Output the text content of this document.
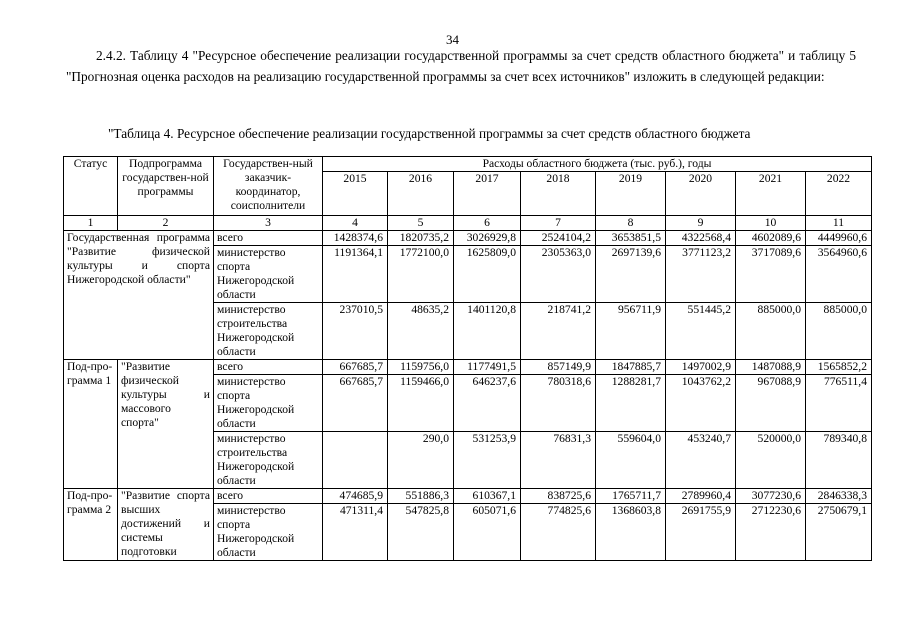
34
2.4.2. Таблицу 4 "Ресурсное обеспечение реализации государственной программы за счет средств областного бюджета" и таблицу 5 "Прогнозная оценка расходов на реализацию государственной программы за счет всех источников" изложить в следующей редакции:
"Таблица 4. Ресурсное обеспечение реализации государственной программы за счет средств областного бюджета
Статус	Подпрограмма государствен-ной программы	Государствен-ный заказчик-координатор, соисполнители	Расходы областного бюджета (тыс. руб.), годы							
			2015	2016	2017	2018	2019	2020	2021	2022
1	2	3	4	5	6	7	8	9	10	11
Государственная программа "Развитие физической культуры и спорта Нижегородской области"		всего	1428374,6	1820735,2	3026929,8	2524104,2	3653851,5	4322568,4	4602089,6	4449960,6
		министерство спорта Нижегородской области	1191364,1	1772100,0	1625809,0	2305363,0	2697139,6	3771123,2	3717089,6	3564960,6
		министерство строительства Нижегородской области	237010,5	48635,2	1401120,8	218741,2	956711,9	551445,2	885000,0	885000,0
Под-про-грамма 1	"Развитие физической культуры и массового спорта"	всего	667685,7	1159756,0	1177491,5	857149,9	1847885,7	1497002,9	1487088,9	1565852,2
		министерство спорта Нижегородской области	667685,7	1159466,0	646237,6	780318,6	1288281,7	1043762,2	967088,9	776511,4
		министерство строительства Нижегородской области		290,0	531253,9	76831,3	559604,0	453240,7	520000,0	789340,8
Под-про-грамма 2	"Развитие спорта высших достижений и системы подготовки	всего	474685,9	551886,3	610367,1	838725,6	1765711,7	2789960,4	3077230,6	2846338,3
		министерство спорта Нижегородской области	471311,4	547825,8	605071,6	774825,6	1368603,8	2691755,9	2712230,6	2750679,1
